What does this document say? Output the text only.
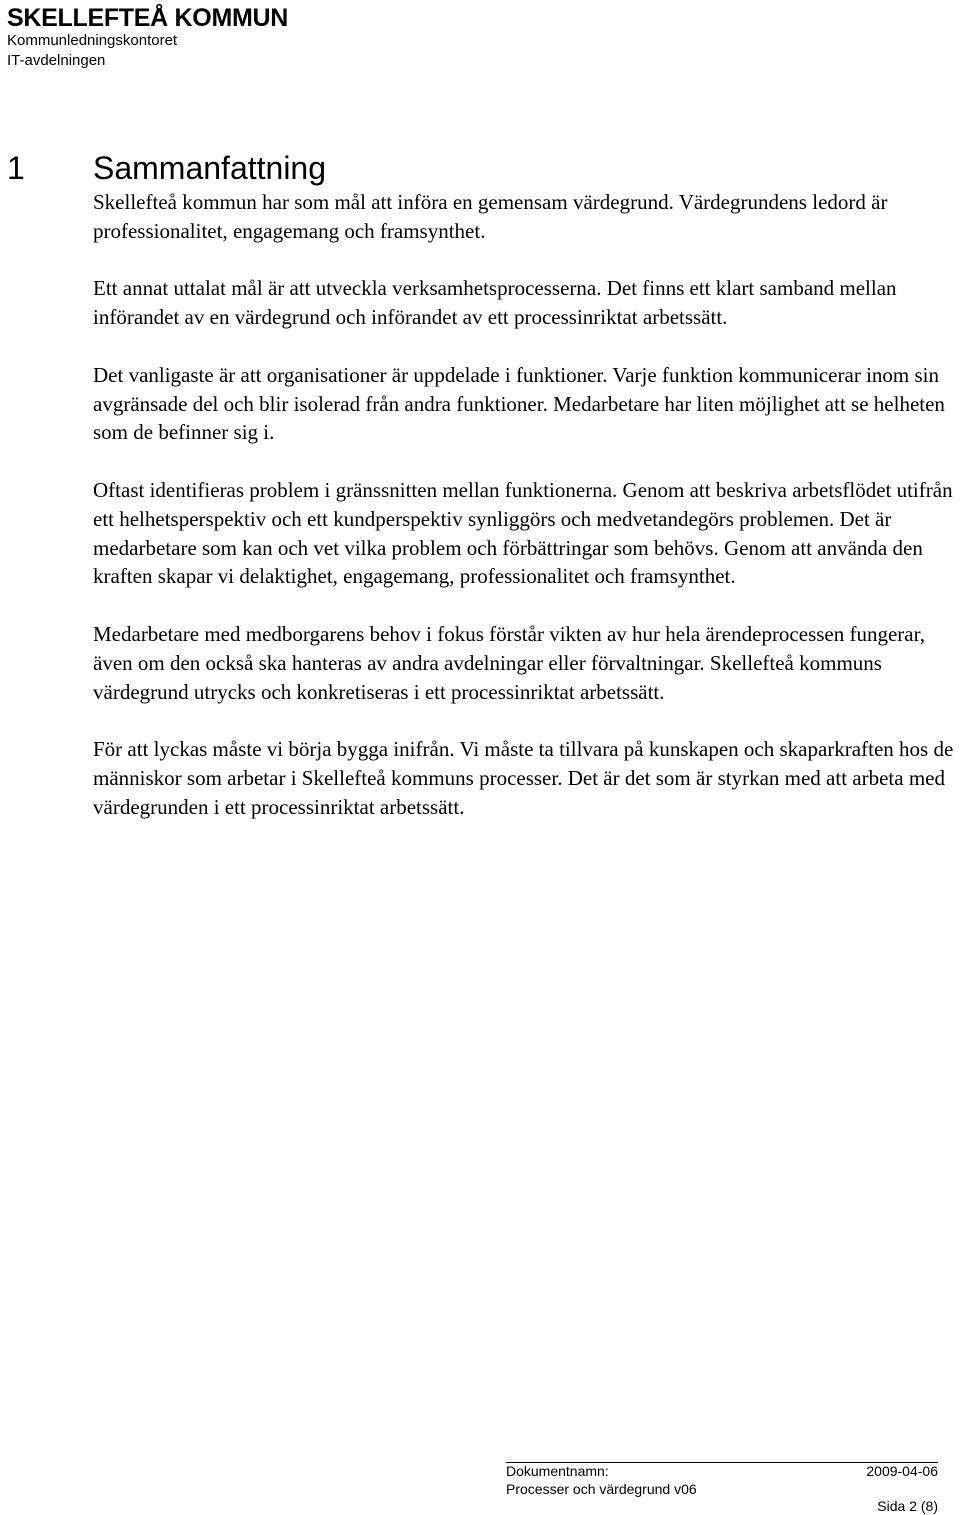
SKELLEFTEÅ KOMMUN
Kommunledningskontoret
IT-avdelningen
1 Sammanfattning

Skellefteå kommun har som mål att införa en gemensam värdegrund. Värdegrundens ledord är professionalitet, engagemang och framsynthet.

Ett annat uttalat mål är att utveckla verksamhetsprocesserna. Det finns ett klart samband mellan införandet av en värdegrund och införandet av ett processinriktat arbetssätt.

Det vanligaste är att organisationer är uppdelade i funktioner. Varje funktion kommunicerar inom sin avgränsade del och blir isolerad från andra funktioner. Medarbetare har liten möjlighet att se helheten som de befinner sig i.

Oftast identifieras problem i gränssnitten mellan funktionerna. Genom att beskriva arbetsflödet utifrån ett helhetsperspektiv och ett kundperspektiv synliggörs och medvetandegörs problemen. Det är medarbetare som kan och vet vilka problem och förbättringar som behövs. Genom att använda den kraften skapar vi delaktighet, engagemang, professionalitet och framsynthet.

Medarbetare med medborgarens behov i fokus förstår vikten av hur hela ärendeprocessen fungerar, även om den också ska hanteras av andra avdelningar eller förvaltningar. Skellefteå kommuns värdegrund utrycks och konkretiseras i ett processinriktat arbetssätt.

För att lyckas måste vi börja bygga inifrån. Vi måste ta tillvara på kunskapen och skaparkraften hos de människor som arbetar i Skellefteå kommuns processer. Det är det som är styrkan med att arbeta med värdegrunden i ett processinriktat arbetssätt.

Dokumentnamn:
Processer och värdegrund v06
2009-04-06
Sida 2 (8)
